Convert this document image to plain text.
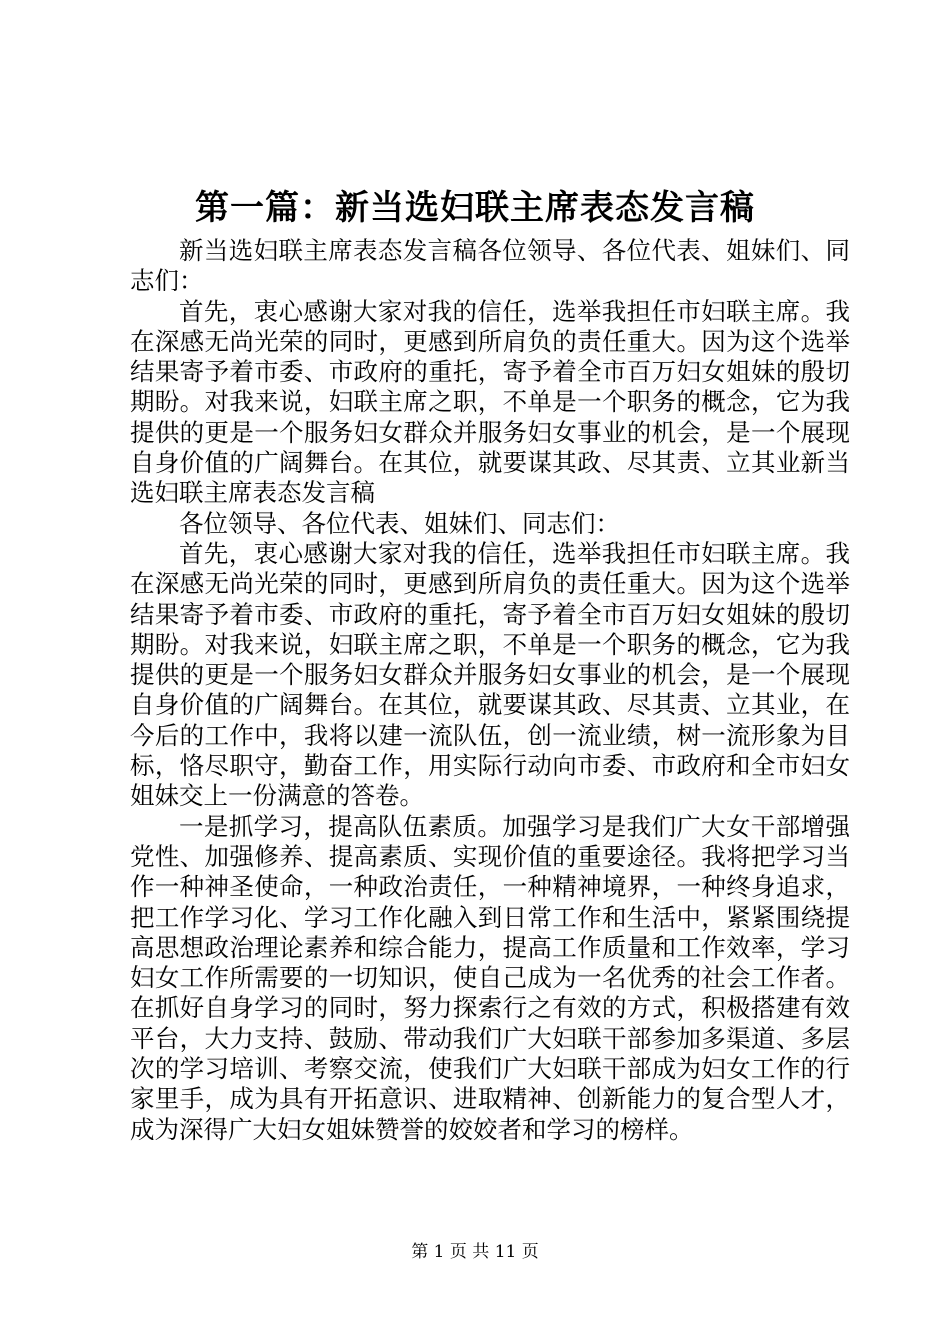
第一篇：新当选妇联主席表态发言稿

新当选妇联主席表态发言稿各位领导、各位代表、姐妹们、同志们：

首先，衷心感谢大家对我的信任，选举我担任市妇联主席。我在深感无尚光荣的同时，更感到所肩负的责任重大。因为这个选举结果寄予着市委、市政府的重托，寄予着全市百万妇女姐妹的殷切期盼。对我来说，妇联主席之职，不单是一个职务的概念，它为我提供的更是一个服务妇女群众并服务妇女事业的机会，是一个展现自身价值的广阔舞台。在其位，就要谋其政、尽其责、立其业新当选妇联主席表态发言稿

各位领导、各位代表、姐妹们、同志们：

首先，衷心感谢大家对我的信任，选举我担任市妇联主席。我在深感无尚光荣的同时，更感到所肩负的责任重大。因为这个选举结果寄予着市委、市政府的重托，寄予着全市百万妇女姐妹的殷切期盼。对我来说，妇联主席之职，不单是一个职务的概念，它为我提供的更是一个服务妇女群众并服务妇女事业的机会，是一个展现自身价值的广阔舞台。在其位，就要谋其政、尽其责、立其业，在今后的工作中，我将以建一流队伍，创一流业绩，树一流形象为目标，恪尽职守，勤奋工作，用实际行动向市委、市政府和全市妇女姐妹交上一份满意的答卷。

一是抓学习，提高队伍素质。加强学习是我们广大女干部增强党性、加强修养、提高素质、实现价值的重要途径。我将把学习当作一种神圣使命，一种政治责任，一种精神境界，一种终身追求，把工作学习化、学习工作化融入到日常工作和生活中，紧紧围绕提高思想政治理论素养和综合能力，提高工作质量和工作效率，学习妇女工作所需要的一切知识，使自己成为一名优秀的社会工作者。在抓好自身学习的同时，努力探索行之有效的方式，积极搭建有效平台，大力支持、鼓励、带动我们广大妇联干部参加多渠道、多层次的学习培训、考察交流，使我们广大妇联干部成为妇女工作的行家里手，成为具有开拓意识、进取精神、创新能力的复合型人才，成为深得广大妇女姐妹赞誉的姣姣者和学习的榜样。

第 1 页 共 11 页
